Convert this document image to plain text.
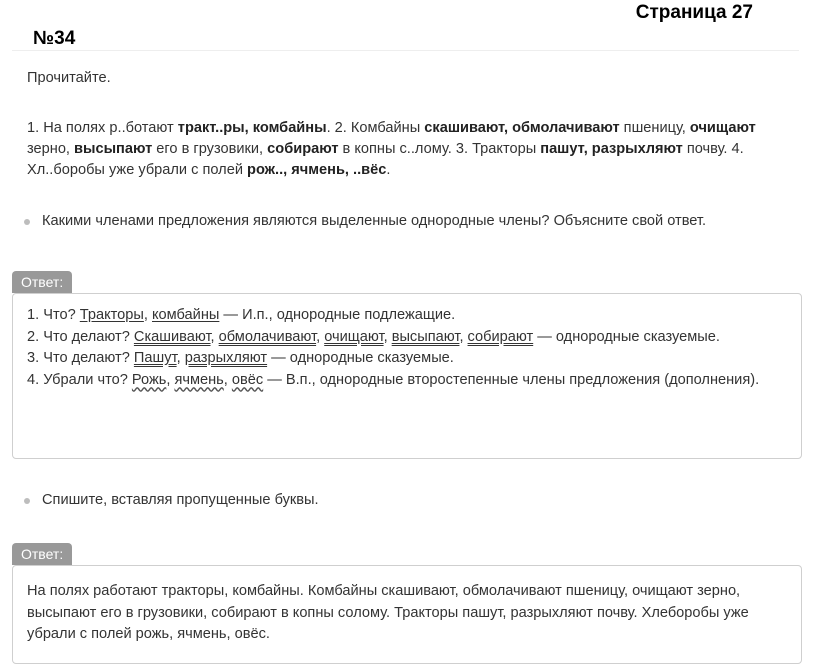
Страница 27
№34

Прочитайте.

1. На полях р..ботают тракт..ры, комбайны. 2. Комбайны скашивают, обмолачивают пшеницу, очищают зерно, высыпают его в грузовики, собирают в копны с..лому. 3. Тракторы пашут, разрыхляют почву. 4. Хл..боробы уже убрали с полей рож.., ячмень, ..вёс.

Какими членами предложения являются выделенные однородные члены? Объясните свой ответ.

Ответ:

1. Что? Тракторы, комбайны — И.п., однородные подлежащие.

2. Что делают? Скашивают, обмолачивают, очищают, высыпают, собирают — однородные сказуемые.

3. Что делают? Пашут, разрыхляют — однородные сказуемые.

4. Убрали что? Рожь, ячмень, овёс — В.п., однородные второстепенные члены предложения (дополнения).

Спишите, вставляя пропущенные буквы.

Ответ:

На полях работают тракторы, комбайны. Комбайны скашивают, обмолачивают пшеницу, очищают зерно, высыпают его в грузовики, собирают в копны солому. Тракторы пашут, разрыхляют почву. Хлеборобы уже убрали с полей рожь, ячмень, овёс.
